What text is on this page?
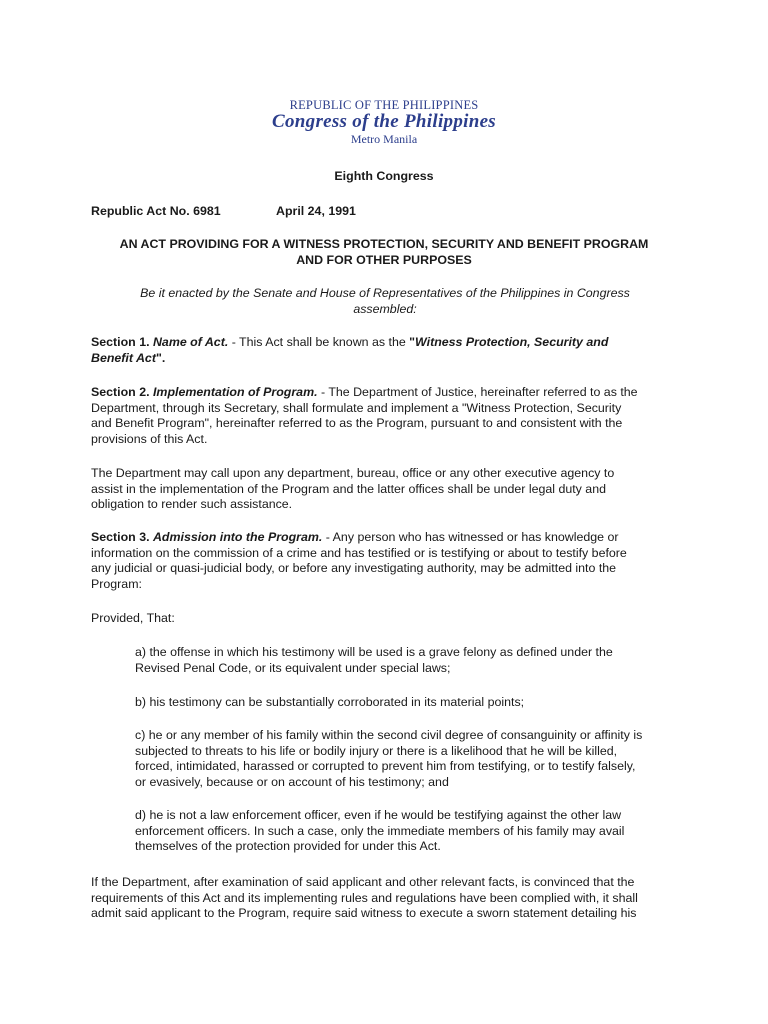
REPUBLIC OF THE PHILIPPINES
Congress of the Philippines
Metro Manila
Eighth Congress
Republic Act No. 6981	April 24, 1991
AN ACT PROVIDING FOR A WITNESS PROTECTION, SECURITY AND BENEFIT PROGRAM
AND FOR OTHER PURPOSES
Be it enacted by the Senate and House of Representatives of the Philippines in Congress
assembled:
Section 1. Name of Act. - This Act shall be known as the "Witness Protection, Security and
Benefit Act".
Section 2. Implementation of Program. - The Department of Justice, hereinafter referred to as the
Department, through its Secretary, shall formulate and implement a "Witness Protection, Security
and Benefit Program", hereinafter referred to as the Program, pursuant to and consistent with the
provisions of this Act.
The Department may call upon any department, bureau, office or any other executive agency to
assist in the implementation of the Program and the latter offices shall be under legal duty and
obligation to render such assistance.
Section 3. Admission into the Program. - Any person who has witnessed or has knowledge or
information on the commission of a crime and has testified or is testifying or about to testify before
any judicial or quasi-judicial body, or before any investigating authority, may be admitted into the
Program:
Provided, That:
a) the offense in which his testimony will be used is a grave felony as defined under the
Revised Penal Code, or its equivalent under special laws;
b) his testimony can be substantially corroborated in its material points;
c) he or any member of his family within the second civil degree of consanguinity or affinity is
subjected to threats to his life or bodily injury or there is a likelihood that he will be killed,
forced, intimidated, harassed or corrupted to prevent him from testifying, or to testify falsely,
or evasively, because or on account of his testimony; and
d) he is not a law enforcement officer, even if he would be testifying against the other law
enforcement officers. In such a case, only the immediate members of his family may avail
themselves of the protection provided for under this Act.
If the Department, after examination of said applicant and other relevant facts, is convinced that the
requirements of this Act and its implementing rules and regulations have been complied with, it shall
admit said applicant to the Program, require said witness to execute a sworn statement detailing his
